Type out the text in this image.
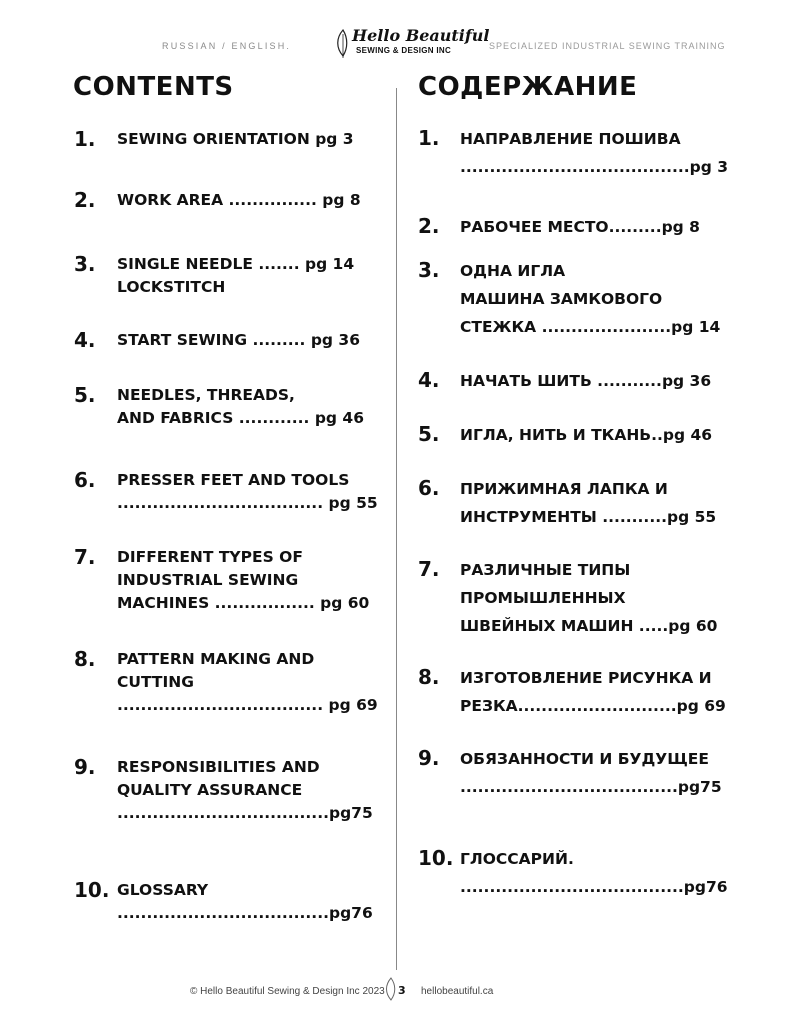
RUSSIAN / ENGLISH.
Hello Beautiful
SEWING & DESIGN INC	SPECIALIZED INDUSTRIAL SEWING TRAINING
CONTENTS	СОДЕРЖАНИЕ
1. SEWING ORIENTATION pg 3
2. WORK AREA ............... pg 8
3. SINGLE NEEDLE ....... pg 14
LOCKSTITCH
4. START SEWING ......... pg 36
5. NEEDLES, THREADS,
AND FABRICS ............ pg 46
6. PRESSER FEET AND TOOLS
................................... pg 55
7. DIFFERENT TYPES OF
INDUSTRIAL SEWING
MACHINES ................. pg 60
8. PATTERN MAKING AND
CUTTING
................................... pg 69
9. RESPONSIBILITIES AND
QUALITY ASSURANCE
....................................pg75
10. GLOSSARY
....................................pg76
1. НАПРАВЛЕНИЕ ПОШИВА
.......................................pg 3
2. РАБОЧЕЕ МЕСТО.........pg 8
3. ОДНА ИГЛА
МАШИНА ЗАМКОВОГО
СТЕЖКА ......................pg 14
4. НАЧАТЬ ШИТЬ ...........pg 36
5. ИГЛА, НИТЬ И ТКАНЬ..pg 46
6. ПРИЖИМНАЯ ЛАПКА И
ИНСТРУМЕНТЫ ...........pg 55
7. РАЗЛИЧНЫЕ ТИПЫ
ПРОМЫШЛЕННЫХ
ШВЕЙНЫХ МАШИН .....pg 60
8. ИЗГОТОВЛЕНИЕ РИСУНКА И
РЕЗКА...........................pg 69
9. ОБЯЗАННОСТИ И БУДУЩЕЕ
.....................................pg75
10. ГЛОССАРИЙ.
......................................pg76
© Hello Beautiful Sewing & Design Inc 2023 3 hellobeautiful.ca
